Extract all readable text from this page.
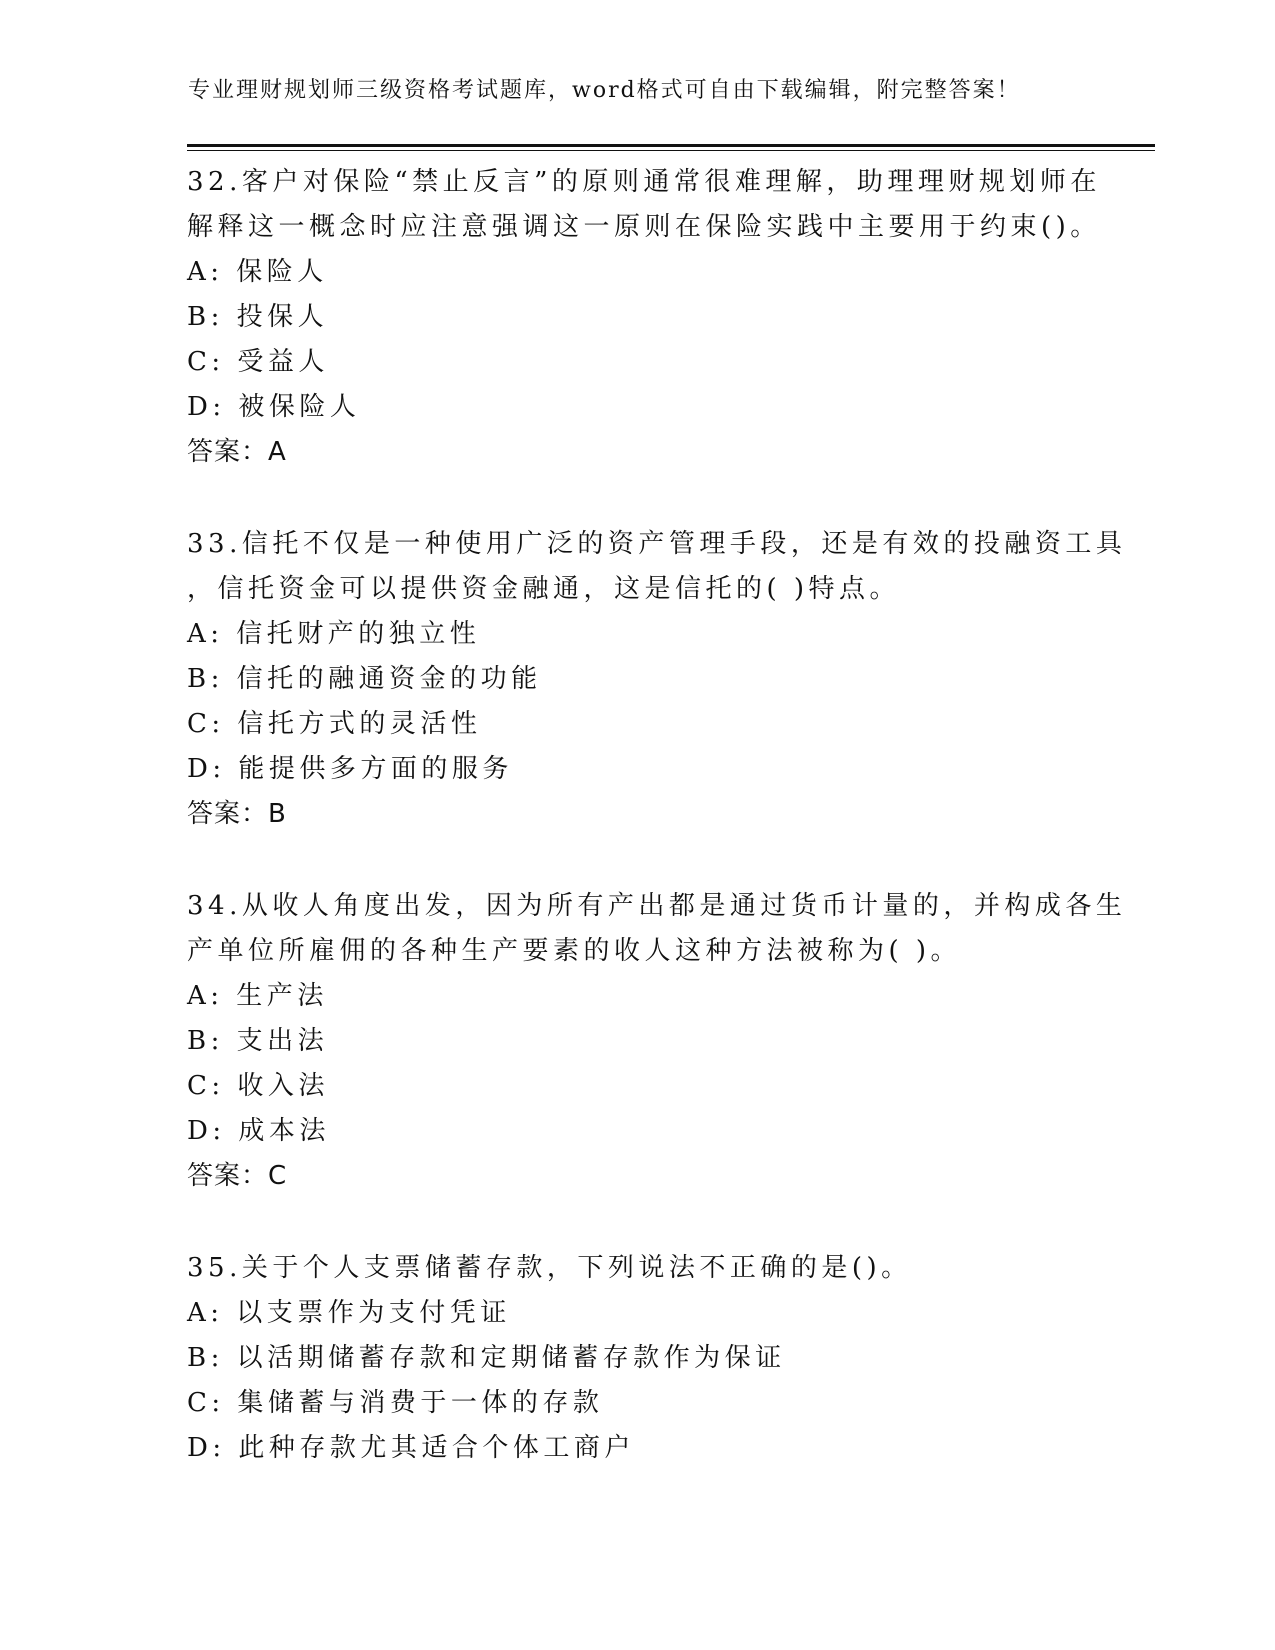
专业理财规划师三级资格考试题库，word格式可自由下载编辑，附完整答案！

32.客户对保险“禁止反言”的原则通常很难理解，助理理财规划师在

解释这一概念时应注意强调这一原则在保险实践中主要用于约束()。

A: 保险人

B: 投保人

C: 受益人

D: 被保险人

答案：A

33.信托不仅是一种使用广泛的资产管理手段，还是有效的投融资工具

，信托资金可以提供资金融通，这是信托的( )特点。

A: 信托财产的独立性

B: 信托的融通资金的功能

C: 信托方式的灵活性

D: 能提供多方面的服务

答案：B

34.从收人角度出发，因为所有产出都是通过货币计量的，并构成各生

产单位所雇佣的各种生产要素的收人这种方法被称为( )。

A: 生产法

B: 支出法

C: 收入法

D: 成本法

答案：C

35.关于个人支票储蓄存款，下列说法不正确的是()。

A: 以支票作为支付凭证

B: 以活期储蓄存款和定期储蓄存款作为保证

C: 集储蓄与消费于一体的存款

D: 此种存款尤其适合个体工商户
